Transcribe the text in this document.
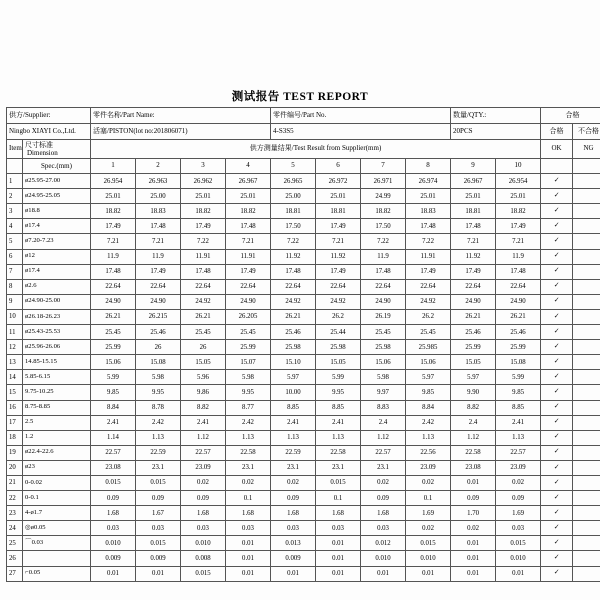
测试报告 TEST REPORT
供方/Supplier:		零件名称/Part Name:				零件编号/Part No.				数量/QTY.:		合格	
Ningbo XIAYI Co.,Ltd.		活塞/PISTON(lot no:201806071)				4-S3S5				20PCS		合格	不合格
Item	尺寸标准
Dimension	供方测量结果/Test Result from Supplier(mm)										OK	NG
	Spec.(mm)	1	2	3	4	5	6	7	8	9	10		
1	ø25.95-27.00	26.954	26.963	26.962	26.967	26.965	26.972	26.971	26.974	26.967	26.954	✓	
2	ø24.95-25.05	25.01	25.00	25.01	25.01	25.00	25.01	24.99	25.01	25.01	25.01	✓	
3	ø18.8	18.82	18.83	18.82	18.82	18.81	18.81	18.82	18.83	18.81	18.82	✓	
4	ø17.4	17.49	17.48	17.49	17.48	17.50	17.49	17.50	17.48	17.48	17.49	✓	
5	ø7.20-7.23	7.21	7.21	7.22	7.21	7.22	7.21	7.22	7.22	7.21	7.21	✓	
6	ø12	11.9	11.9	11.91	11.91	11.92	11.92	11.9	11.91	11.92	11.9	✓	
7	ø17.4	17.48	17.49	17.48	17.49	17.48	17.49	17.48	17.49	17.49	17.48	✓	
8	ø2.6	22.64	22.64	22.64	22.64	22.64	22.64	22.64	22.64	22.64	22.64	✓	
9	ø24.90-25.00	24.90	24.90	24.92	24.90	24.92	24.92	24.90	24.92	24.90	24.90	✓	
10	ø26.18-26.23	26.21	26.215	26.21	26.205	26.21	26.2	26.19	26.2	26.21	26.21	✓	
11	ø25.43-25.53	25.45	25.46	25.45	25.45	25.46	25.44	25.45	25.45	25.46	25.46	✓	
12	ø25.96-26.06	25.99	26	26	25.99	25.98	25.98	25.98	25.985	25.99	25.99	✓	
13	14.85-15.15	15.06	15.08	15.05	15.07	15.10	15.05	15.06	15.06	15.05	15.08	✓	
14	5.85-6.15	5.99	5.98	5.96	5.98	5.97	5.99	5.98	5.97	5.97	5.99	✓	
15	9.75-10.25	9.85	9.95	9.86	9.95	10.00	9.95	9.97	9.85	9.90	9.85	✓	
16	8.75-8.85	8.84	8.78	8.82	8.77	8.85	8.85	8.83	8.84	8.82	8.85	✓	
17	2.5	2.41	2.42	2.41	2.42	2.41	2.41	2.4	2.42	2.4	2.41	✓	
18	1.2	1.14	1.13	1.12	1.13	1.13	1.13	1.12	1.13	1.12	1.13	✓	
19	ø22.4-22.6	22.57	22.59	22.57	22.58	22.59	22.58	22.57	22.56	22.58	22.57	✓	
20	ø23	23.08	23.1	23.09	23.1	23.1	23.1	23.1	23.09	23.08	23.09	✓	
21	0-0.02	0.015	0.015	0.02	0.02	0.02	0.015	0.02	0.02	0.01	0.02	✓	
22	0-0.1	0.09	0.09	0.09	0.1	0.09	0.1	0.09	0.1	0.09	0.09	✓	
23	4-ø1.7	1.68	1.67	1.68	1.68	1.68	1.68	1.68	1.69	1.70	1.69	✓	
24	◎ø0.05	0.03	0.03	0.03	0.03	0.03	0.03	0.03	0.02	0.02	0.03	✓	
25	⌒0.03	0.010	0.015	0.010	0.01	0.013	0.01	0.012	0.015	0.01	0.015	✓	
26		0.009	0.009	0.008	0.01	0.009	0.01	0.010	0.010	0.01	0.010	✓	
27	⌐0.05	0.01	0.01	0.015	0.01	0.01	0.01	0.01	0.01	0.01	0.01	✓	
